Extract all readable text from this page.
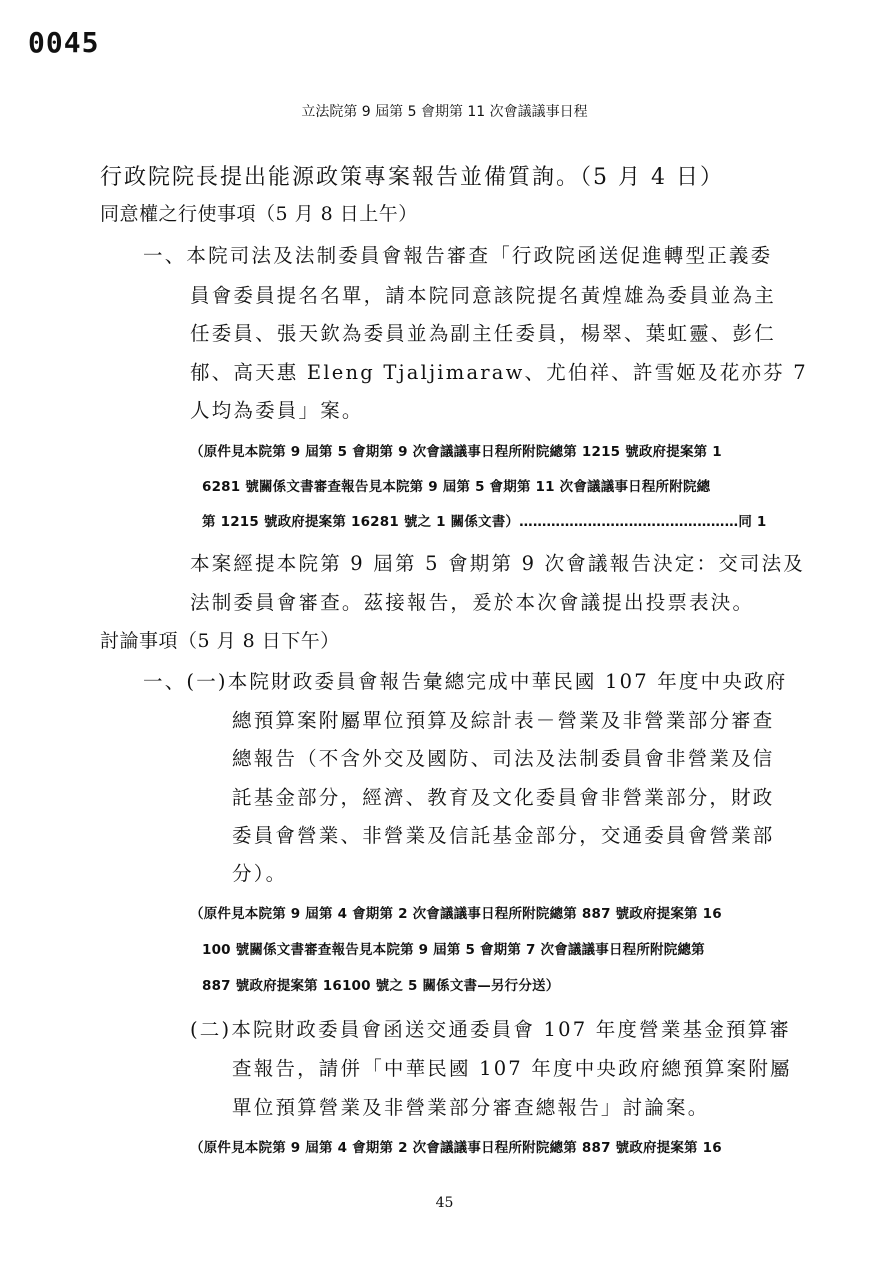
0045
立法院第 9 屆第 5 會期第 11 次會議議事日程
行政院院長提出能源政策專案報告並備質詢。（5 月 4 日）
同意權之行使事項（5 月 8 日上午）
一、本院司法及法制委員會報告審查「行政院函送促進轉型正義委
員會委員提名名單，請本院同意該院提名黃煌雄為委員並為主
任委員、張天欽為委員並為副主任委員，楊翠、葉虹靈、彭仁
郁、高天惠 Eleng Tjaljimaraw、尤伯祥、許雪姬及花亦芬 7
人均為委員」案。
（原件見本院第 9 屆第 5 會期第 9 次會議議事日程所附院總第 1215 號政府提案第 1
6281 號關係文書審查報告見本院第 9 屆第 5 會期第 11 次會議議事日程所附院總
第 1215 號政府提案第 16281 號之 1 關係文書）…………………………………………同 1
本案經提本院第 9 屆第 5 會期第 9 次會議報告決定：交司法及
法制委員會審查。茲接報告，爰於本次會議提出投票表決。
討論事項（5 月 8 日下午）
一、(一)本院財政委員會報告彙總完成中華民國 107 年度中央政府
總預算案附屬單位預算及綜計表－營業及非營業部分審查
總報告（不含外交及國防、司法及法制委員會非營業及信
託基金部分，經濟、教育及文化委員會非營業部分，財政
委員會營業、非營業及信託基金部分，交通委員會營業部
分）。
（原件見本院第 9 屆第 4 會期第 2 次會議議事日程所附院總第 887 號政府提案第 16
100 號關係文書審查報告見本院第 9 屆第 5 會期第 7 次會議議事日程所附院總第
887 號政府提案第 16100 號之 5 關係文書—另行分送）
(二)本院財政委員會函送交通委員會 107 年度營業基金預算審
查報告，請併「中華民國 107 年度中央政府總預算案附屬
單位預算營業及非營業部分審查總報告」討論案。
（原件見本院第 9 屆第 4 會期第 2 次會議議事日程所附院總第 887 號政府提案第 16
45
